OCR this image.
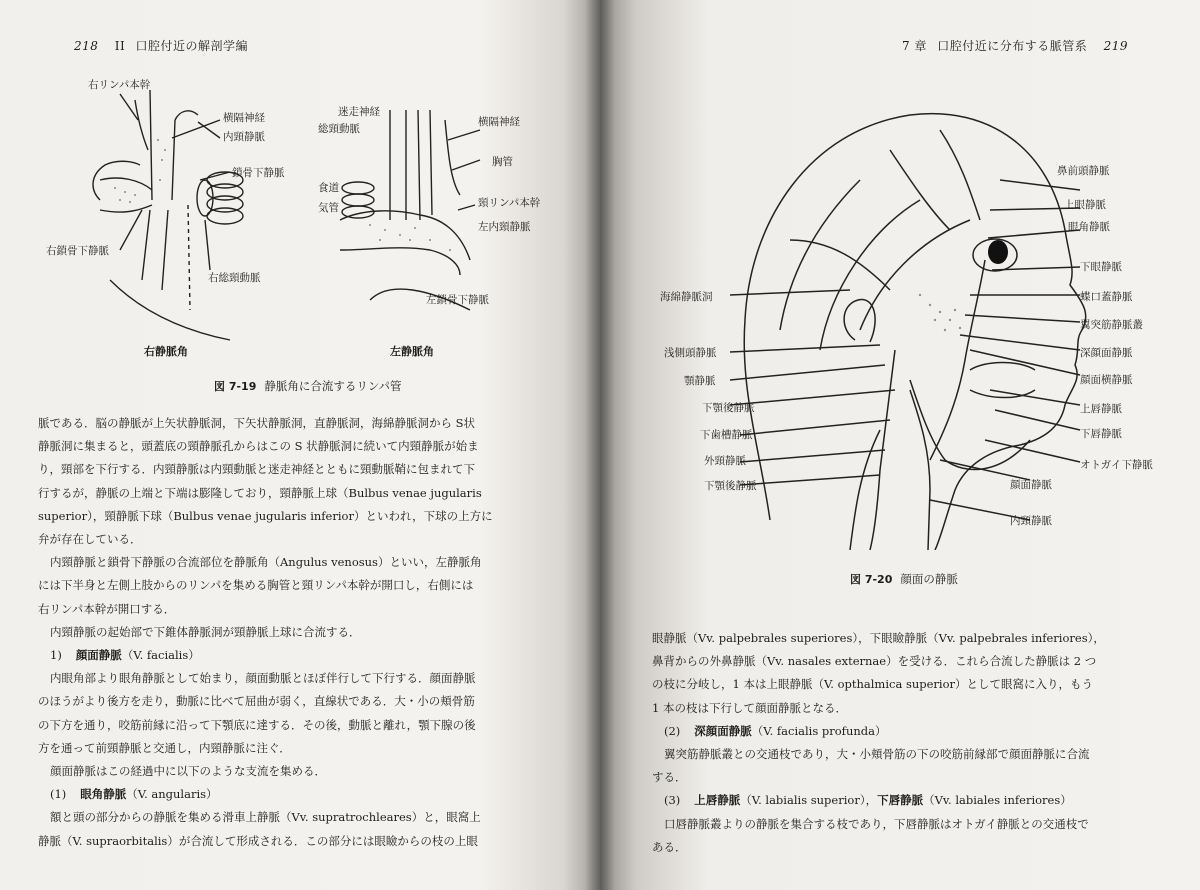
218 II 口腔付近の解剖学編
右リンパ本幹
横隔神経
内頸静脈
鎖骨下静脈
右鎖骨下静脈
右総頸動脈
迷走神経
総頸動脈
横隔神経
胸管
食道
気管	頸リンパ本幹
左内頸静脈
左鎖骨下静脈
右静脈角	左静脈角
図 7-19 静脈角に合流するリンパ管

脈である．脳の静脈が上矢状静脈洞，下矢状静脈洞，直静脈洞，海綿静脈洞から S状

静脈洞に集まると，頭蓋底の頸静脈孔からはこの S 状静脈洞に続いて内頸静脈が始ま

り，頸部を下行する．内頸静脈は内頸動脈と迷走神経とともに頸動脈鞘に包まれて下

行するが，静脈の上端と下端は膨隆しており，頸静脈上球（Bulbus venae jugularis

superior），頸静脈下球（Bulbus venae jugularis inferior）といわれ，下球の上方に

弁が存在している．

内頸静脈と鎖骨下静脈の合流部位を静脈角（Angulus venosus）といい，左静脈角

には下半身と左側上肢からのリンパを集める胸管と頸リンパ本幹が開口し，右側には

右リンパ本幹が開口する．

内頸静脈の起始部で下錐体静脈洞が頸静脈上球に合流する．

1) 顔面静脈（V. facialis）

内眼角部より眼角静脈として始まり，顔面動脈とほぼ伴行して下行する．顔面静脈

のほうがより後方を走り，動脈に比べて屈曲が弱く，直線状である．大・小の頬骨筋

の下方を通り，咬筋前縁に沿って下顎底に達する．その後，動脈と離れ，顎下腺の後

方を通って前頸静脈と交通し，内頸静脈に注ぐ．

顔面静脈はこの経過中に以下のような支流を集める．

(1) 眼角静脈（V. angularis）

額と頭の部分からの静脈を集める滑車上静脈（Vv. supratrochleares）と，眼窩上

静脈（V. supraorbitalis）が合流して形成される．この部分には眼瞼からの枝の上眼

7 章 口腔付近に分布する脈管系 219
鼻前頭静脈
上眼静脈
眼角静脈
下眼静脈
蝶口蓋静脈
翼突筋静脈叢
深顔面静脈
顔面横静脈
上唇静脈
下唇静脈
オトガイ下静脈
顔面静脈
内頸静脈
海綿静脈洞
浅側頭静脈
顎静脈
下顎後静脈
下歯槽静脈
外頸静脈
下顎後静脈
図 7-20 顔面の静脈

眼静脈（Vv. palpebrales superiores），下眼瞼静脈（Vv. palpebrales inferiores），

鼻背からの外鼻静脈（Vv. nasales externae）を受ける．これら合流した静脈は 2 つ

の枝に分岐し，1 本は上眼静脈（V. opthalmica superior）として眼窩に入り，もう

1 本の枝は下行して顔面静脈となる．

(2) 深顔面静脈（V. facialis profunda）

翼突筋静脈叢との交通枝であり，大・小頬骨筋の下の咬筋前縁部で顔面静脈に合流

する．

(3) 上唇静脈（V. labialis superior），下唇静脈（Vv. labiales inferiores）

口唇静脈叢よりの静脈を集合する枝であり，下唇静脈はオトガイ静脈との交通枝で

ある．
